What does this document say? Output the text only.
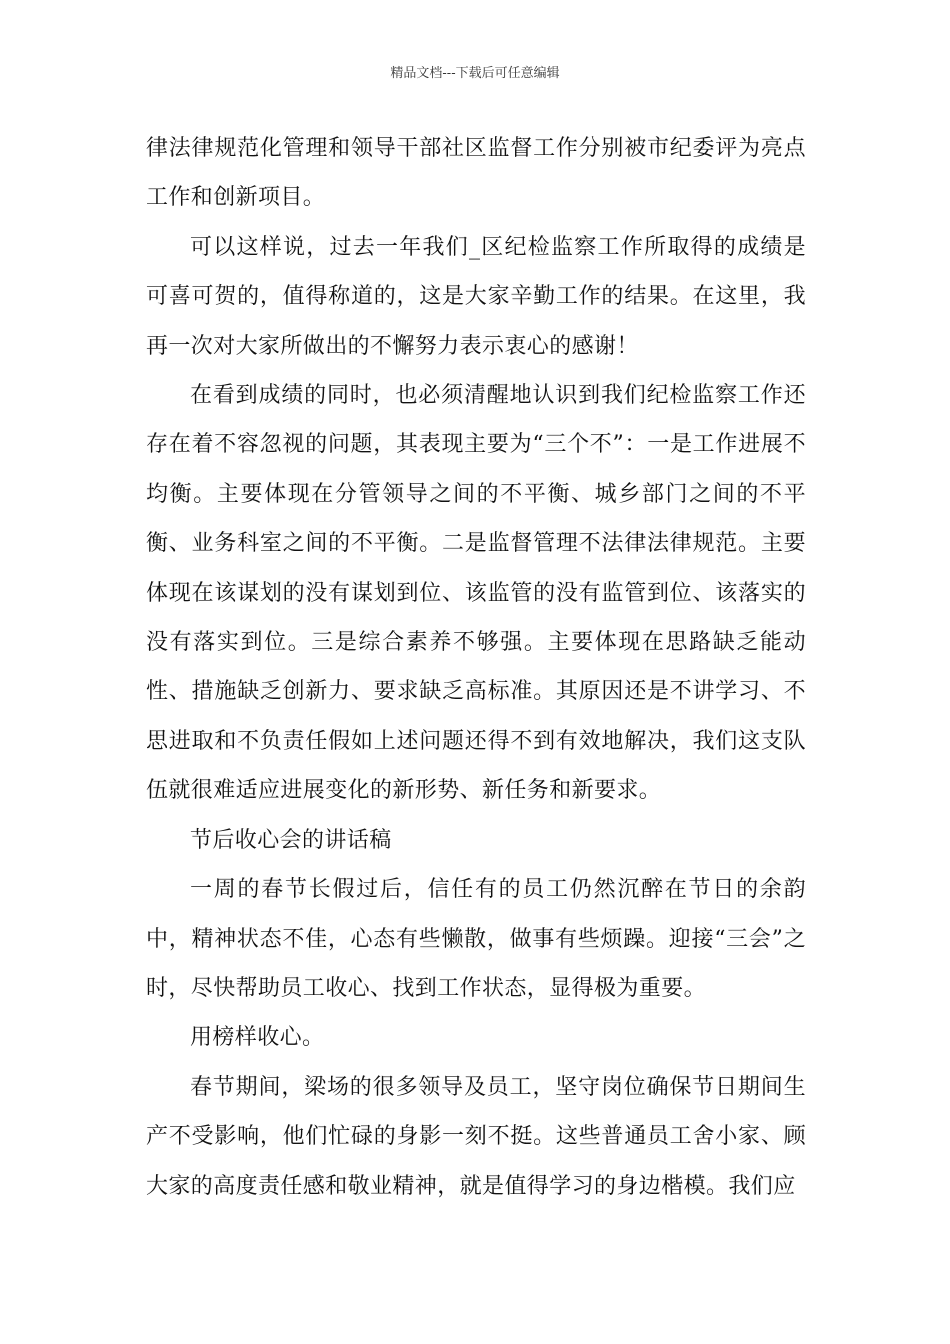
精品文档---下载后可任意编辑

律法律规范化管理和领导干部社区监督工作分别被市纪委评为亮点工作和创新项目。

可以这样说，过去一年我们_区纪检监察工作所取得的成绩是可喜可贺的，值得称道的，这是大家辛勤工作的结果。在这里，我再一次对大家所做出的不懈努力表示衷心的感谢！

在看到成绩的同时，也必须清醒地认识到我们纪检监察工作还存在着不容忽视的问题，其表现主要为“三个不”：一是工作进展不均衡。主要体现在分管领导之间的不平衡、城乡部门之间的不平衡、业务科室之间的不平衡。二是监督管理不法律法律规范。主要体现在该谋划的没有谋划到位、该监管的没有监管到位、该落实的没有落实到位。三是综合素养不够强。主要体现在思路缺乏能动性、措施缺乏创新力、要求缺乏高标准。其原因还是不讲学习、不思进取和不负责任假如上述问题还得不到有效地解决，我们这支队伍就很难适应进展变化的新形势、新任务和新要求。

节后收心会的讲话稿

一周的春节长假过后，信任有的员工仍然沉醉在节日的余韵中，精神状态不佳，心态有些懒散，做事有些烦躁。迎接“三会”之时，尽快帮助员工收心、找到工作状态，显得极为重要。

用榜样收心。

春节期间，梁场的很多领导及员工，坚守岗位确保节日期间生产不受影响，他们忙碌的身影一刻不挺。这些普通员工舍小家、顾大家的高度责任感和敬业精神，就是值得学习的身边楷模。我们应
